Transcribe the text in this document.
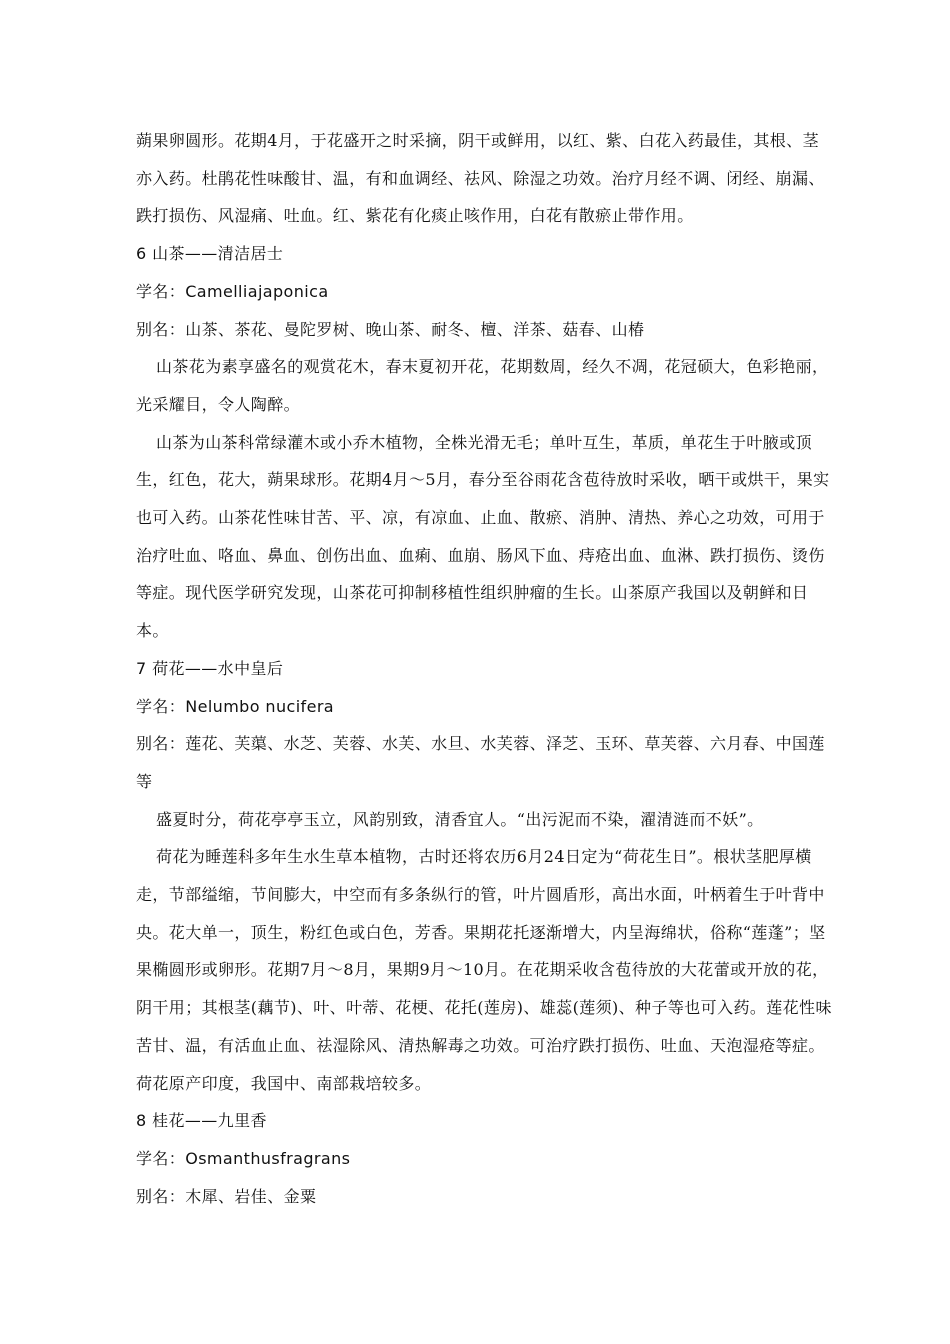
蒴果卵圆形。花期4月，于花盛开之时采摘，阴干或鲜用，以红、紫、白花入药最佳，其根、茎亦入药。杜鹃花性味酸甘、温，有和血调经、祛风、除湿之功效。治疗月经不调、闭经、崩漏、跌打损伤、风湿痛、吐血。红、紫花有化痰止咳作用，白花有散瘀止带作用。

6 山茶——清洁居士

学名：Camelliajaponica

别名：山茶、茶花、曼陀罗树、晚山茶、耐冬、檀、洋茶、菇春、山椿

山茶花为素享盛名的观赏花木，春末夏初开花，花期数周，经久不凋，花冠硕大，色彩艳丽，光采耀目，令人陶醉。

山茶为山茶科常绿灌木或小乔木植物，全株光滑无毛；单叶互生，革质，单花生于叶腋或顶生，红色，花大，蒴果球形。花期4月～5月，春分至谷雨花含苞待放时采收，晒干或烘干，果实也可入药。山茶花性味甘苦、平、凉，有凉血、止血、散瘀、消肿、清热、养心之功效，可用于治疗吐血、咯血、鼻血、创伤出血、血痢、血崩、肠风下血、痔疮出血、血淋、跌打损伤、烫伤等症。现代医学研究发现，山茶花可抑制移植性组织肿瘤的生长。山茶原产我国以及朝鲜和日本。

7 荷花——水中皇后

学名：Nelumbo nucifera

别名：莲花、芙蕖、水芝、芙蓉、水芙、水旦、水芙蓉、泽芝、玉环、草芙蓉、六月春、中国莲等

盛夏时分，荷花亭亭玉立，风韵别致，清香宜人。“出污泥而不染，濯清涟而不妖”。

荷花为睡莲科多年生水生草本植物，古时还将农历6月24日定为“荷花生日”。根状茎肥厚横走，节部缢缩，节间膨大，中空而有多条纵行的管，叶片圆盾形，高出水面，叶柄着生于叶背中央。花大单一，顶生，粉红色或白色，芳香。果期花托逐渐增大，内呈海绵状，俗称“莲蓬”；坚果椭圆形或卵形。花期7月～8月，果期9月～10月。在花期采收含苞待放的大花蕾或开放的花，阴干用；其根茎(藕节)、叶、叶蒂、花梗、花托(莲房)、雄蕊(莲须)、种子等也可入药。莲花性味苦甘、温，有活血止血、祛湿除风、清热解毒之功效。可治疗跌打损伤、吐血、天泡湿疮等症。荷花原产印度，我国中、南部栽培较多。

8 桂花——九里香

学名：Osmanthusfragrans

别名：木犀、岩佳、金粟
